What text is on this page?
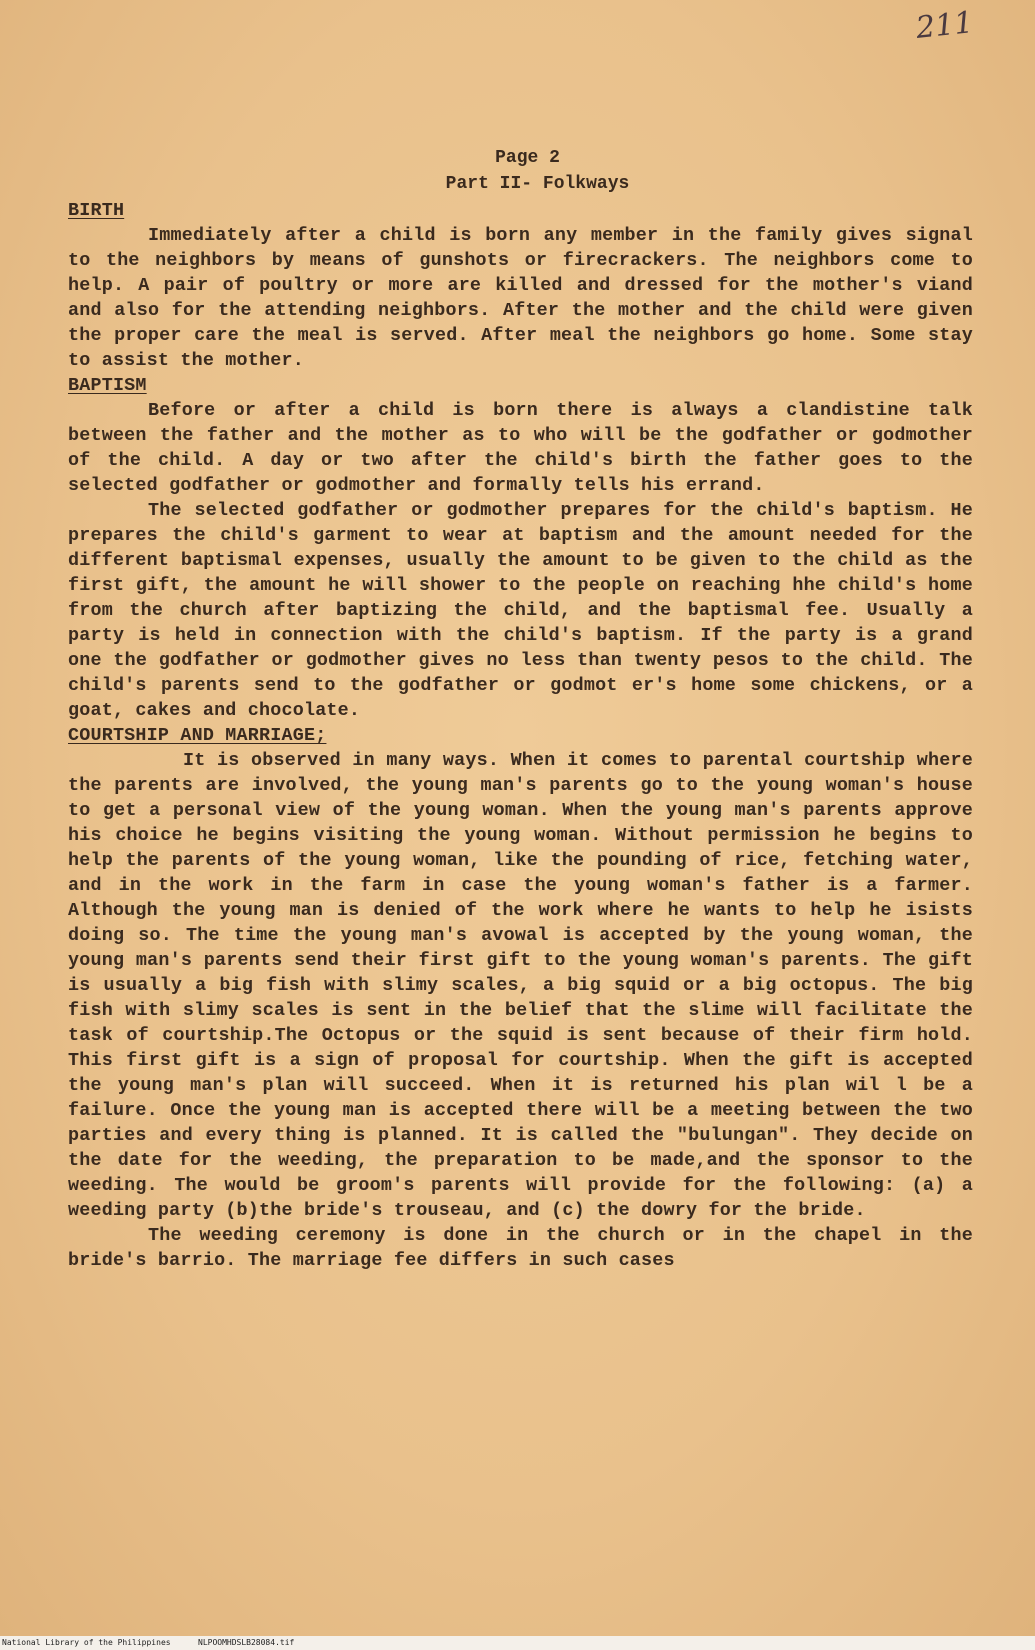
211
Page 2
Part II- Folkways
BIRTH

Immediately after a child is born any member in the family gives signal to the neighbors by means of gunshots or firecrackers. The neighbors come to help. A pair of poultry or more are killed and dressed for the mother's viand and also for the attending neighbors. After the mother and the child were given the proper care the meal is served. After meal the neighbors go home. Some stay to assist the mother.

BAPTISM

Before or after a child is born there is always a clandistine talk between the father and the mother as to who will be the godfather or godmother of the child. A day or two after the child's birth the father goes to the selected godfather or godmother and formally tells his errand.

The selected godfather or godmother prepares for the child's baptism. He prepares the child's garment to wear at baptism and the amount needed for the different baptismal expenses, usually the amount to be given to the child as the first gift, the amount he will shower to the people on reaching hhe child's home from the church after baptizing the child, and the baptismal fee. Usually a party is held in connection with the child's baptism. If the party is a grand one the godfather or godmother gives no less than twenty pesos to the child. The child's parents send to the godfather or godmot er's home some chickens, or a goat, cakes and chocolate.

COURTSHIP AND MARRIAGE;

It is observed in many ways. When it comes to parental courtship where the parents are involved, the young man's parents go to the young woman's house to get a personal view of the young woman. When the young man's parents approve his choice he begins visiting the young woman. Without permission he begins to help the parents of the young woman, like the pounding of rice, fetching water, and in the work in the farm in case the young woman's father is a farmer. Although the young man is denied of the work where he wants to help he isists doing so. The time the young man's avowal is accepted by the young woman, the young man's parents send their first gift to the young woman's parents. The gift is usually a big fish with slimy scales, a big squid or a big octopus. The big fish with slimy scales is sent in the belief that the slime will facilitate the task of courtship.The Octopus or the squid is sent because of their firm hold. This first gift is a sign of proposal for courtship. When the gift is accepted the young man's plan will succeed. When it is returned his plan wil l be a failure. Once the young man is accepted there will be a meeting between the two parties and every thing is planned. It is called the "bulungan". They decide on the date for the weeding, the preparation to be made,and the sponsor to the weeding. The would be groom's parents will provide for the following: (a) a weeding party (b)the bride's trouseau, and (c) the dowry for the bride.

The weeding ceremony is done in the church or in the chapel in the bride's barrio. The marriage fee differs in such cases

National Library of the Philippines	NLPOOMHDSLB28084.tif
